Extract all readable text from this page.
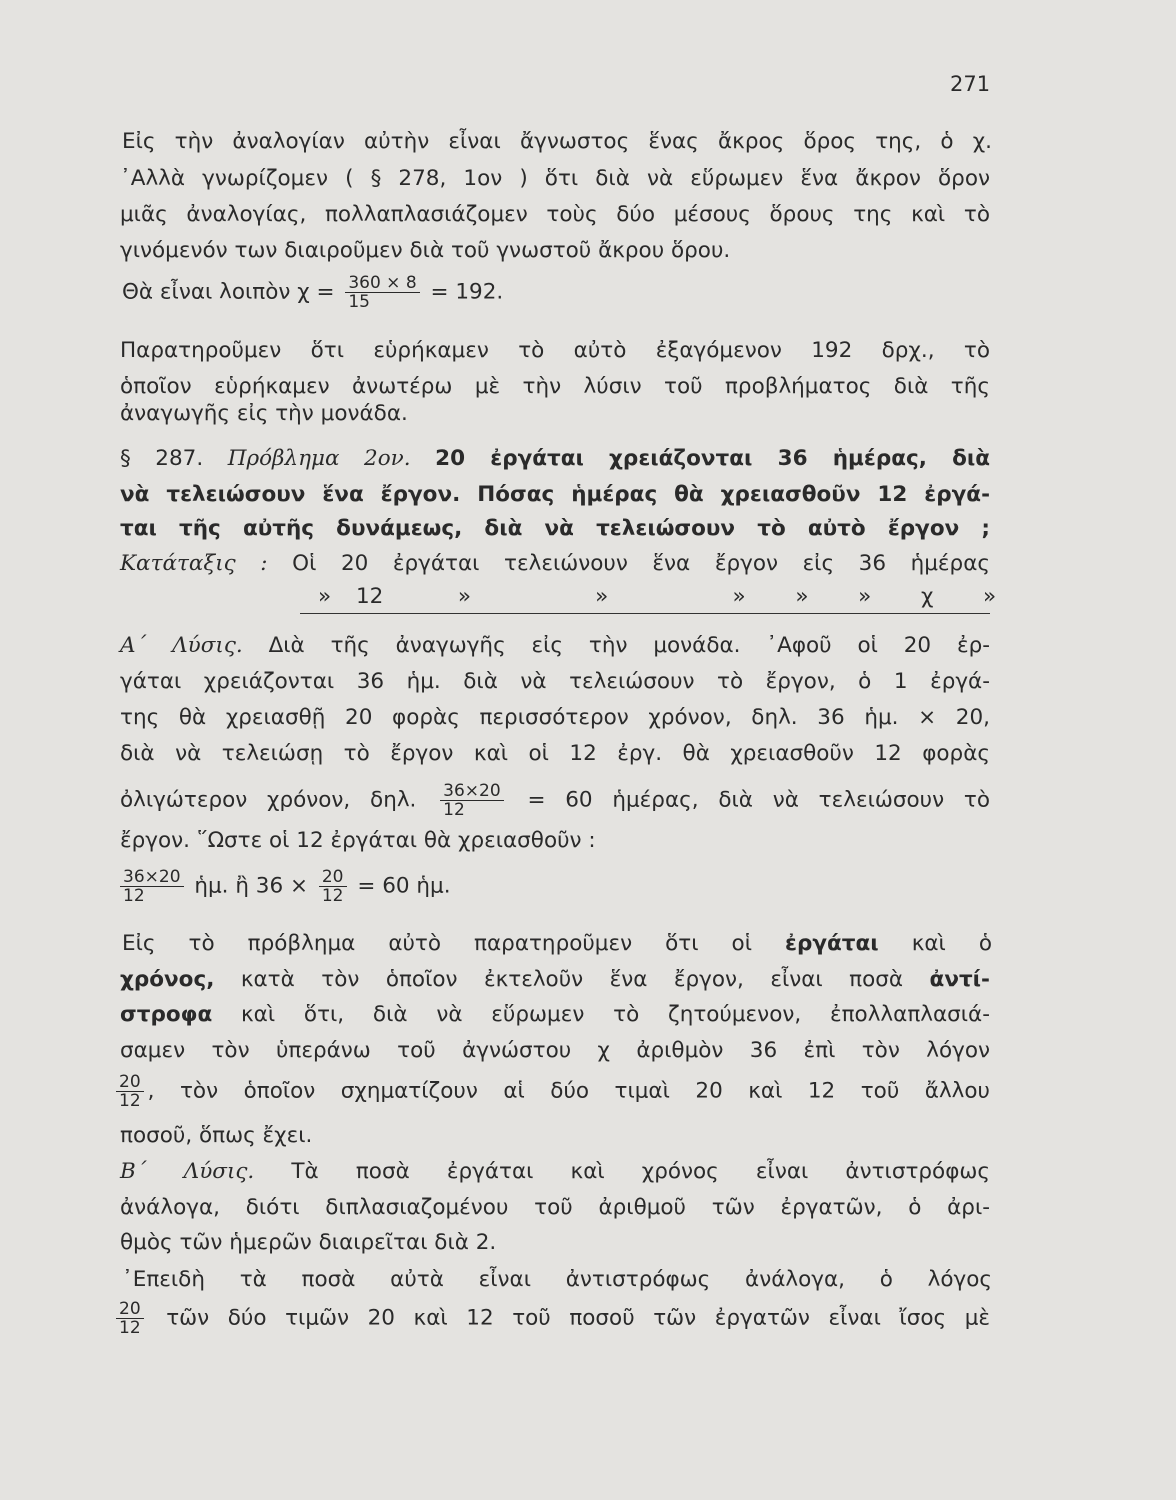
271
Εἰς τὴν ἀναλογίαν αὐτὴν εἶναι ἄγνωστος ἕνας ἄκρος ὅρος της, ὁ χ.
᾿Αλλὰ γνωρίζομεν ( § 278, 1ον ) ὅτι διὰ νὰ εὕρωμεν ἕνα ἄκρον ὅρον
μιᾶς ἀναλογίας, πολλαπλασιάζομεν τοὺς δύο μέσους ὅρους της καὶ τὸ
γινόμενόν των διαιροῦμεν διὰ τοῦ γνωστοῦ ἄκρου ὅρου.
Θὰ εἶναι λοιπὸν $\chi = \frac{360 \times 8}{15} = 192$.
Παρατηροῦμεν ὅτι εὑρήκαμεν τὸ αὐτὸ ἐξαγόμενον 192 δρχ., τὸ
ὁποῖον εὑρήκαμεν ἀνωτέρω μὲ τὴν λύσιν τοῦ προβλήματος διὰ τῆς
ἀναγωγῆς εἰς τὴν μονάδα.
§ 287. Πρόβλημα 2ον. 20 ἐργάται χρειάζονται 36 ἡμέρας, διὰ
νὰ τελειώσουν ἕνα ἔργον. Πόσας ἡμέρας θὰ χρειασθοῦν 12 ἐργά-
ται τῆς αὐτῆς δυνάμεως, διὰ νὰ τελειώσουν τὸ αὐτὸ ἔργον ;
Κατάταξις : Οἱ 20 ἐργάται τελειώνουν ἕνα ἔργον εἰς 36 ἡμέρας
» 12   »     »     »  »  »  χ  »
Α΄ Λύσις. Διὰ τῆς ἀναγωγῆς εἰς τὴν μονάδα. ᾿Αφοῦ οἱ 20 ἐρ-
γάται χρειάζονται 36 ἡμ. διὰ νὰ τελειώσουν τὸ ἔργον, ὁ 1 ἐργά-
της θὰ χρειασθῇ 20 φορὰς περισσότερον χρόνον, δηλ. 36 ἡμ. × 20,
διὰ νὰ τελειώσῃ τὸ ἔργον καὶ οἱ 12 ἐργ. θὰ χρειασθοῦν 12 φορὰς
ὀλιγώτερον χρόνον, δηλ. $\frac{36\times 20}{12} = 60$ ἡμέρας, διὰ νὰ τελειώσουν τὸ
ἔργον. ῞Ωστε οἱ 12 ἐργάται θὰ χρειασθοῦν :
$\frac{36\times 20}{12}$ ἡμ. ἢ $36 \times \frac{20}{12} = 60$ ἡμ.
Εἰς τὸ πρόβλημα αὐτὸ παρατηροῦμεν ὅτι οἱ ἐργάται καὶ ὁ
χρόνος, κατὰ τὸν ὁποῖον ἐκτελοῦν ἕνα ἔργον, εἶναι ποσὰ ἀντί-
στροφα καὶ ὅτι, διὰ νὰ εὕρωμεν τὸ ζητούμενον, ἐπολλαπλασιά-
σαμεν τὸν ὑπεράνω τοῦ ἀγνώστου χ ἀριθμὸν 36 ἐπὶ τὸν λόγον
$\frac{20}{12}$ , τὸν ὁποῖον σχηματίζουν αἱ δύο τιμαὶ 20 καὶ 12 τοῦ ἄλλου
ποσοῦ, ὅπως ἔχει.
Β΄ Λύσις. Τὰ ποσὰ ἐργάται καὶ χρόνος εἶναι ἀντιστρόφως
ἀνάλογα, διότι διπλασιαζομένου τοῦ ἀριθμοῦ τῶν ἐργατῶν, ὁ ἀρι-
θμὸς τῶν ἡμερῶν διαιρεῖται διὰ 2.
᾿Επειδὴ τὰ ποσὰ αὐτὰ εἶναι ἀντιστρόφως ἀνάλογα, ὁ λόγος
$\frac{20}{12}$ τῶν δύο τιμῶν 20 καὶ 12 τοῦ ποσοῦ τῶν ἐργατῶν εἶναι ἴσος μὲ
